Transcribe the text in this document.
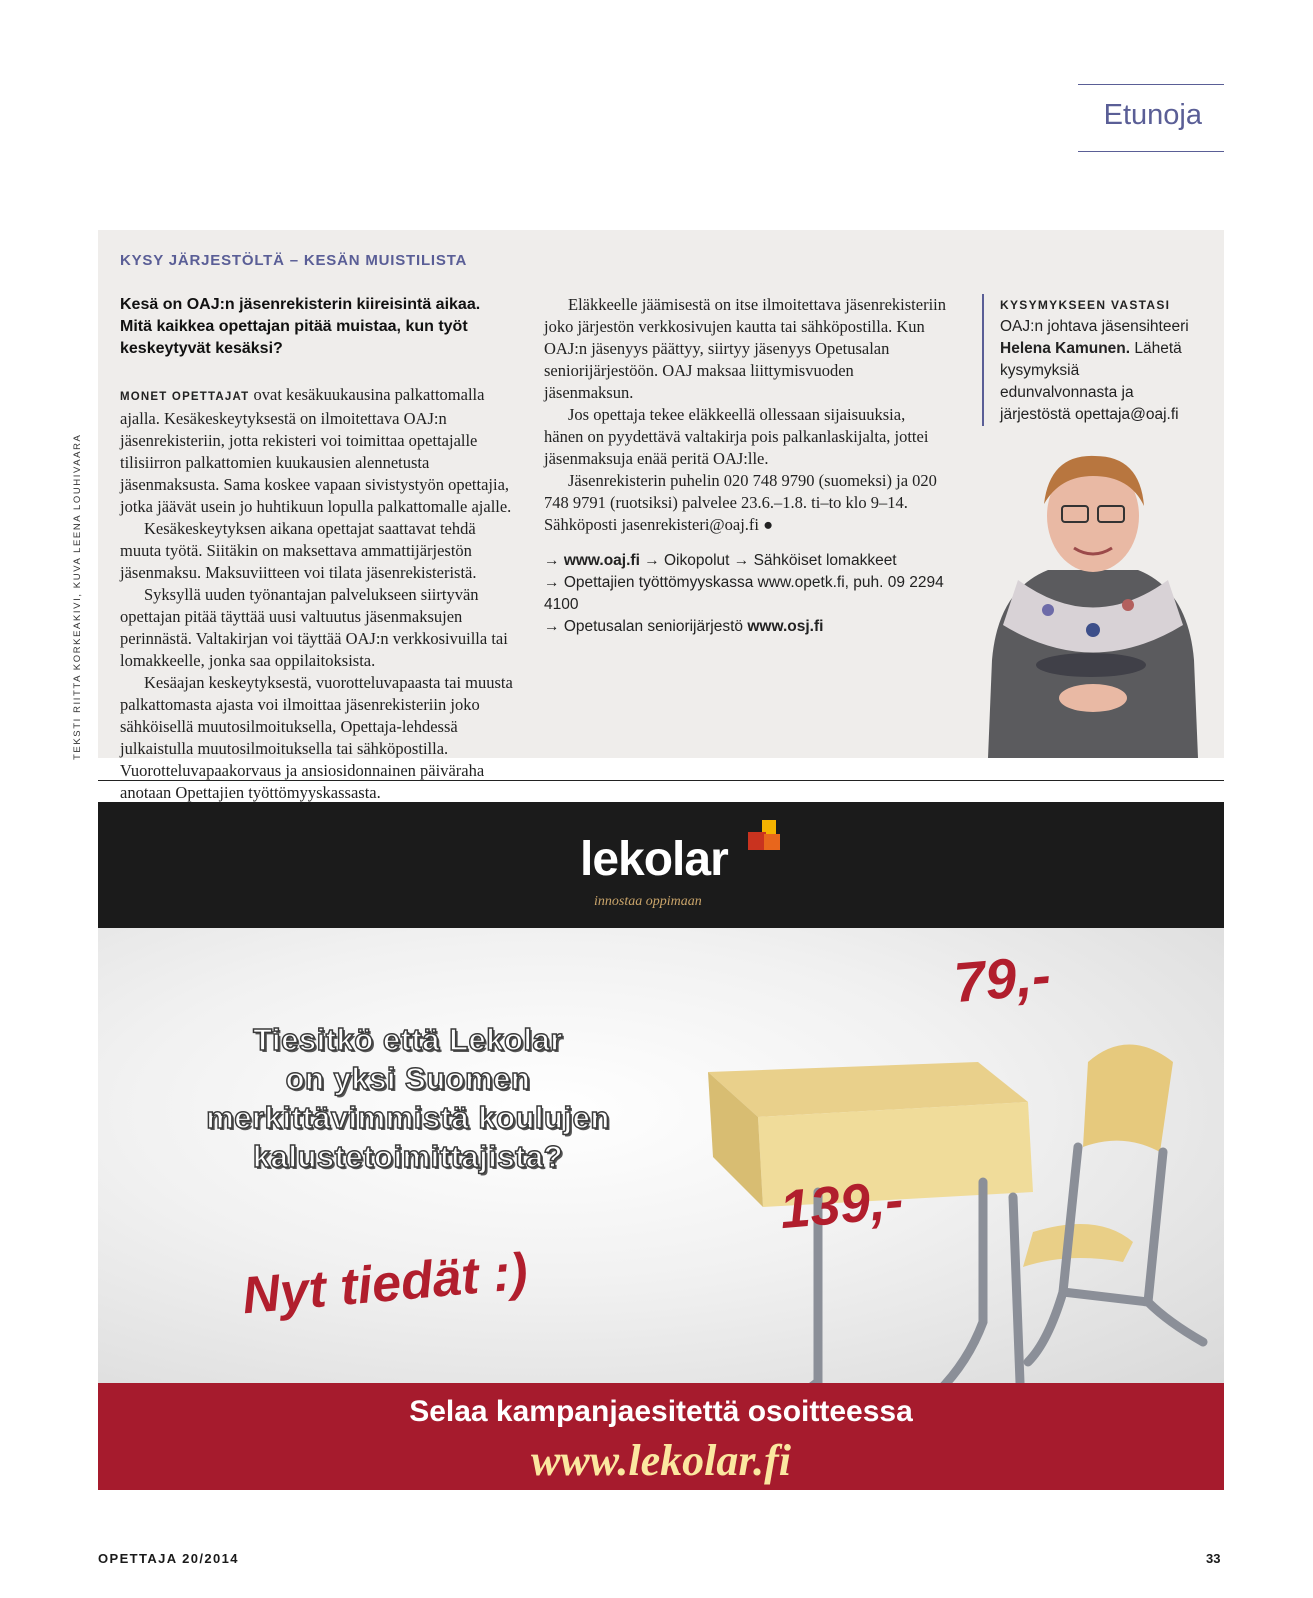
Etunoja
TEKSTI RIITTA KORKEAKIVI, KUVA LEENA LOUHIVAARA
KYSY JÄRJESTÖLTÄ – KESÄN MUISTILISTA

Kesä on OAJ:n jäsenrekisterin kiireisintä aikaa. Mitä kaikkea opettajan pitää muistaa, kun työt keskeytyvät kesäksi?

MONET OPETTAJAT ovat kesäkuukausina palkattomalla ajalla. Kesäkeskeytyksestä on ilmoitettava OAJ:n jäsenrekisteriin, jotta rekisteri voi toimittaa opettajalle tilisiirron palkattomien kuukausien alennetusta jäsenmaksusta. Sama koskee vapaan sivistystyön opettajia, jotka jäävät usein jo huhtikuun lopulla palkattomalle ajalle.

Kesäkeskeytyksen aikana opettajat saattavat tehdä muuta työtä. Siitäkin on maksettava ammattijärjestön jäsenmaksu. Maksuviitteen voi tilata jäsenrekisteristä.

Syksyllä uuden työnantajan palvelukseen siirtyvän opettajan pitää täyttää uusi valtuutus jäsenmaksujen perinnästä. Valtakirjan voi täyttää OAJ:n verkkosivuilla tai lomakkeelle, jonka saa oppilaitoksista.

Kesäajan keskeytyksestä, vuorotteluvapaasta tai muusta palkattomasta ajasta voi ilmoittaa jäsenrekisteriin joko sähköisellä muutosilmoituksella, Opettaja-lehdessä julkaistulla muutosilmoituksella tai sähköpostilla. Vuorotteluvapaakorvaus ja ansiosidonnainen päiväraha anotaan Opettajien työttömyyskassasta.

Eläkkeelle jäämisestä on itse ilmoitettava jäsenrekisteriin joko järjestön verkkosivujen kautta tai sähköpostilla. Kun OAJ:n jäsenyys päättyy, siirtyy jäsenyys Opetusalan seniorijärjestöön. OAJ maksaa liittymisvuoden jäsenmaksun.

Jos opettaja tekee eläkkeellä ollessaan sijaisuuksia, hänen on pyydettävä valtakirja pois palkanlaskijalta, jottei jäsenmaksuja enää peritä OAJ:lle.

Jäsenrekisterin puhelin 020 748 9790 (suomeksi) ja 020 748 9791 (ruotsiksi) palvelee 23.6.–1.8. ti–to klo 9–14. Sähköposti jasenrekisteri@oaj.fi ●

→ www.oaj.fi → Oikopolut → Sähköiset lomakkeet
→ Opettajien työttömyyskassa www.opetk.fi, puh. 09 2294 4100
→ Opetusalan seniorijärjestö www.osj.fi
KYSYMYKSEEN VASTASI
OAJ:n johtava jäsensihteeri Helena Kamunen. Lähetä kysymyksiä edunvalvonnasta ja järjestöstä opettaja@oaj.fi
lekolar
innostaa oppimaan
Tiesitkö että Lekolar
on yksi Suomen
merkittävimmistä koulujen
kalustetoimittajista?
Nyt tiedät :)
79,-
139,-
Selaa kampanjaesitettä osoitteessa
www.lekolar.fi
OPETTAJA 20/2014	33
